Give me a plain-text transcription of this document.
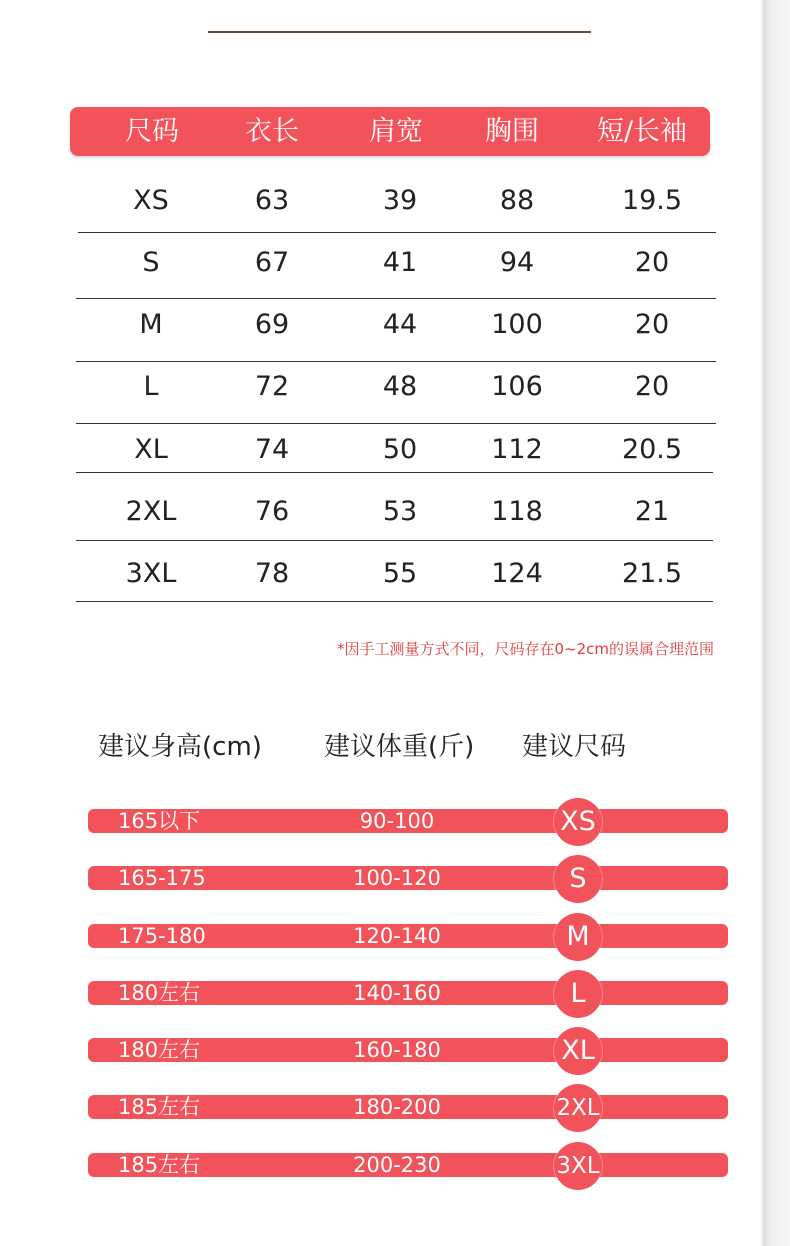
尺码 衣长	肩宽 胸围 短/长袖
XS	63	39	88	19.5
S	67	41	94	20
M	69	44	100	20
L	72	48	106	20
XL	74	50	112	20.5
2XL	76	53	118	21
3XL	78	55	124	21.5
*因手工测量方式不同，尺码存在0~2cm的误属合理范围
建议身高(cm) 建议体重(斤) 建议尺码
165以下	90-100	XS
165-175	100-120	S
175-180	120-140	M
180左右	140-160	L
180左右	160-180	XL
185左右	180-200	2XL
185左右	200-230	3XL
